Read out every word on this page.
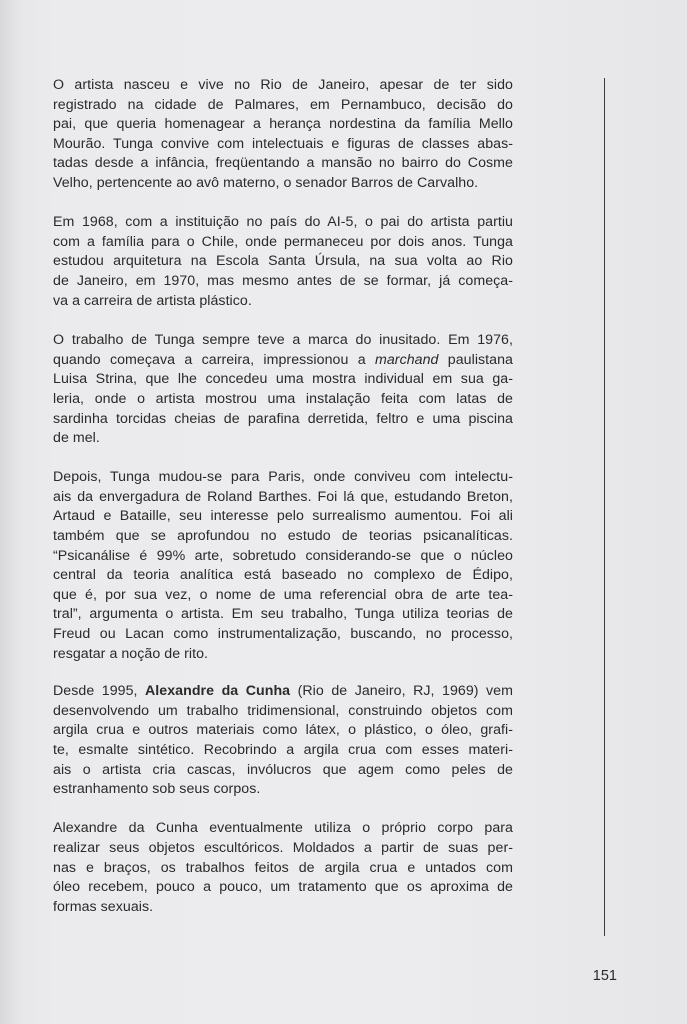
O artista nasceu e vive no Rio de Janeiro, apesar de ter sido
registrado na cidade de Palmares, em Pernambuco, decisão do
pai, que queria homenagear a herança nordestina da família Mello
Mourão. Tunga convive com intelectuais e figuras de classes abas-
tadas desde a infância, freqüentando a mansão no bairro do Cosme
Velho, pertencente ao avô materno, o senador Barros de Carvalho.

Em 1968, com a instituição no país do AI-5, o pai do artista partiu
com a família para o Chile, onde permaneceu por dois anos. Tunga
estudou arquitetura na Escola Santa Úrsula, na sua volta ao Rio
de Janeiro, em 1970, mas mesmo antes de se formar, já começa-
va a carreira de artista plástico.

O trabalho de Tunga sempre teve a marca do inusitado. Em 1976,
quando começava a carreira, impressionou a marchand paulistana
Luisa Strina, que lhe concedeu uma mostra individual em sua ga-
leria, onde o artista mostrou uma instalação feita com latas de
sardinha torcidas cheias de parafina derretida, feltro e uma piscina
de mel.

Depois, Tunga mudou-se para Paris, onde conviveu com intelectu-
ais da envergadura de Roland Barthes. Foi lá que, estudando Breton,
Artaud e Bataille, seu interesse pelo surrealismo aumentou. Foi ali
também que se aprofundou no estudo de teorias psicanalíticas.
“Psicanálise é 99% arte, sobretudo considerando-se que o núcleo
central da teoria analítica está baseado no complexo de Édipo,
que é, por sua vez, o nome de uma referencial obra de arte tea-
tral”, argumenta o artista. Em seu trabalho, Tunga utiliza teorias de
Freud ou Lacan como instrumentalização, buscando, no processo,
resgatar a noção de rito.

Desde 1995, Alexandre da Cunha (Rio de Janeiro, RJ, 1969) vem
desenvolvendo um trabalho tridimensional, construindo objetos com
argila crua e outros materiais como látex, o plástico, o óleo, grafi-
te, esmalte sintético. Recobrindo a argila crua com esses materi-
ais o artista cria cascas, invólucros que agem como peles de
estranhamento sob seus corpos.

Alexandre da Cunha eventualmente utiliza o próprio corpo para
realizar seus objetos escultóricos. Moldados a partir de suas per-
nas e braços, os trabalhos feitos de argila crua e untados com
óleo recebem, pouco a pouco, um tratamento que os aproxima de
formas sexuais.

151
